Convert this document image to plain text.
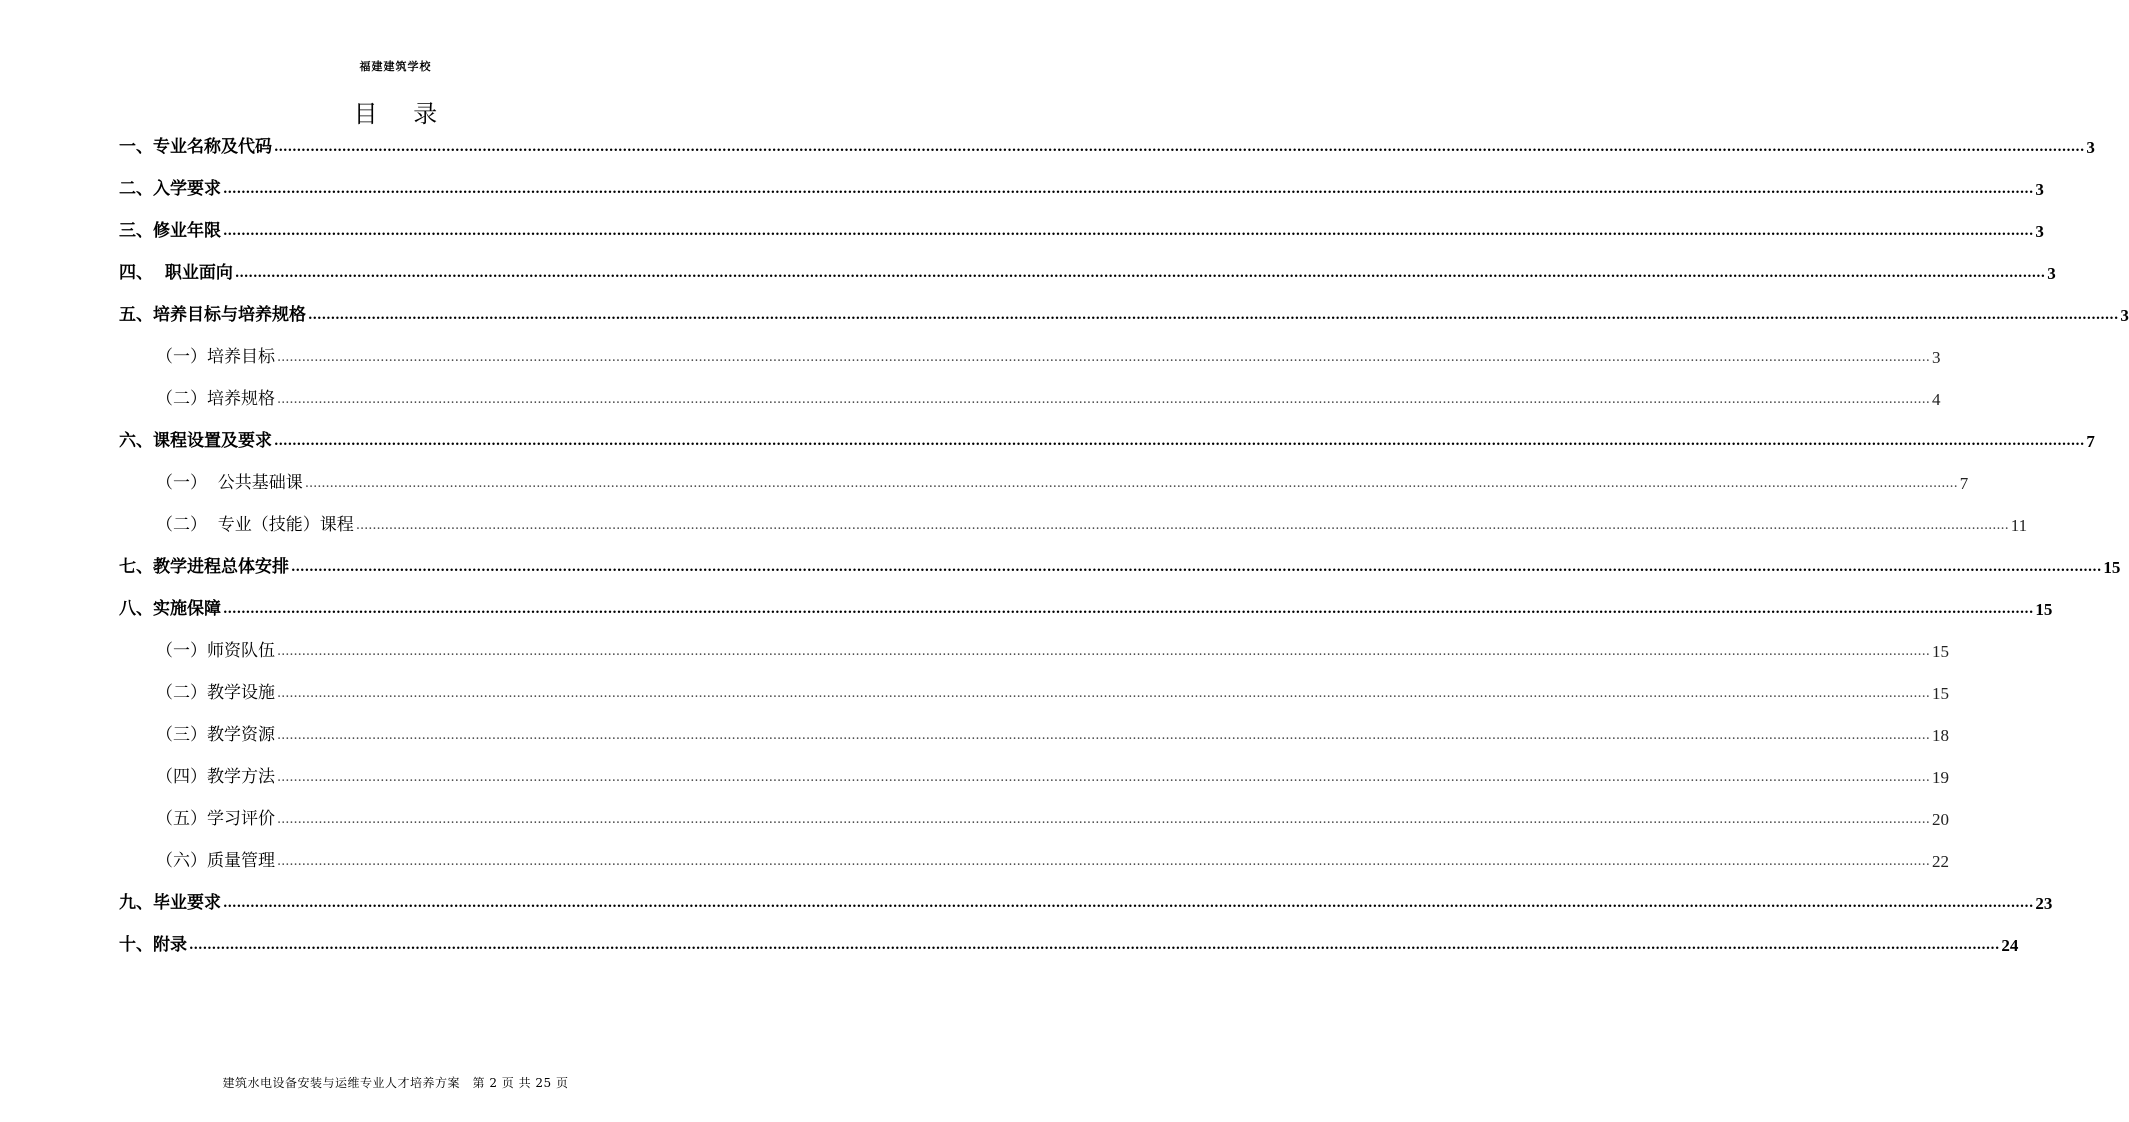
福建建筑学校
目 录
一、专业名称及代码 ................................................................................................................................................................................................................................................................................................................................................................................................................ 3
二、入学要求 ................................................................................................................................................................................................................................................................................................................................................................................................................ 3
三、修业年限 ................................................................................................................................................................................................................................................................................................................................................................................................................ 3
四、  职业面向 ................................................................................................................................................................................................................................................................................................................................................................................................................ 3
五、培养目标与培养规格 ................................................................................................................................................................................................................................................................................................................................................................................................................ 3
（一）培养目标 ................................................................................................................................................................................................................................................................................................................................................................................................................ 3
（二）培养规格 ................................................................................................................................................................................................................................................................................................................................................................................................................ 4
六、课程设置及要求 ................................................................................................................................................................................................................................................................................................................................................................................................................ 7
（一）  公共基础课 ................................................................................................................................................................................................................................................................................................................................................................................................................ 7
（二）  专业（技能）课程 ................................................................................................................................................................................................................................................................................................................................................................................................................ 11
七、教学进程总体安排 ................................................................................................................................................................................................................................................................................................................................................................................................................ 15
八、实施保障 ................................................................................................................................................................................................................................................................................................................................................................................................................ 15
（一）师资队伍 ................................................................................................................................................................................................................................................................................................................................................................................................................ 15
（二）教学设施 ................................................................................................................................................................................................................................................................................................................................................................................................................ 15
（三）教学资源 ................................................................................................................................................................................................................................................................................................................................................................................................................ 18
（四）教学方法 ................................................................................................................................................................................................................................................................................................................................................................................................................ 19
（五）学习评价 ................................................................................................................................................................................................................................................................................................................................................................................................................ 20
（六）质量管理 ................................................................................................................................................................................................................................................................................................................................................................................................................ 22
九、毕业要求 ................................................................................................................................................................................................................................................................................................................................................................................................................ 23
十、附录 ................................................................................................................................................................................................................................................................................................................................................................................................................ 24
建筑水电设备安装与运维专业人才培养方案　第 2 页 共 25 页
